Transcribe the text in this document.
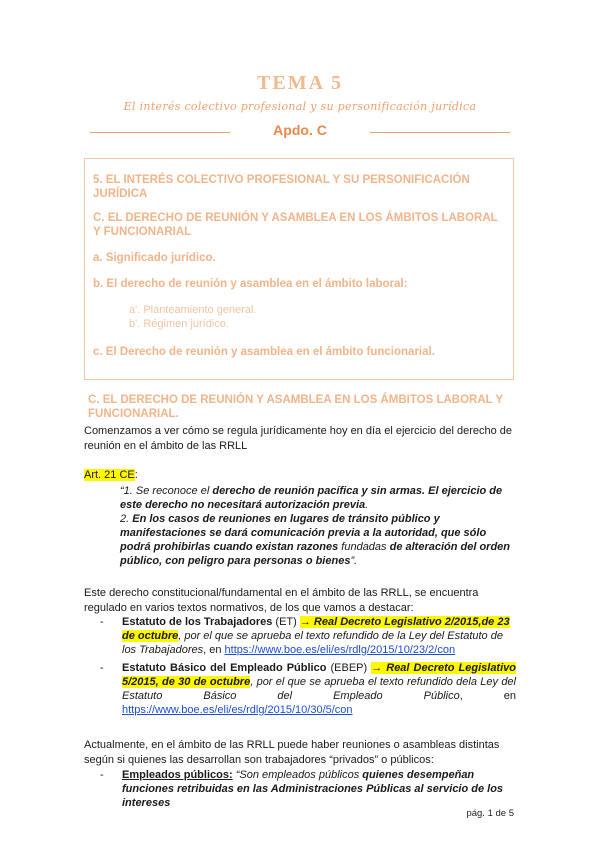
TEMA 5
El interés colectivo profesional y su personificación jurídica
Apdo. C

5. EL INTERÉS COLECTIVO PROFESIONAL Y SU PERSONIFICACIÓN JURÍDICA

C. EL DERECHO DE REUNIÓN Y ASAMBLEA EN LOS ÁMBITOS LABORAL Y FUNCIONARIAL

a. Significado jurídico.

b. El derecho de reunión y asamblea en el ámbito laboral:

a'. Planteamiento general.

b'. Régimen jurídico.

c. El Derecho de reunión y asamblea en el ámbito funcionarial.

C. EL DERECHO DE REUNIÓN Y ASAMBLEA EN LOS ÁMBITOS LABORAL Y FUNCIONARIAL.
Comenzamos a ver cómo se regula jurídicamente hoy en día el ejercicio del derecho de reunión en el ámbito de las RRLL
Art. 21 CE:
“1. Se reconoce el derecho de reunión pacífica y sin armas. El ejercicio de este derecho no necesitará autorización previa.
2. En los casos de reuniones en lugares de tránsito público y manifestaciones se dará comunicación previa a la autoridad, que sólo podrá prohibirlas cuando existan razones fundadas de alteración del orden público, con peligro para personas o bienes”.
Este derecho constitucional/fundamental en el ámbito de las RRLL, se encuentra regulado en varios textos normativos, de los que vamos a destacar:
- Estatuto de los Trabajadores (ET) → Real Decreto Legislativo 2/2015,de 23 de octubre, por el que se aprueba el texto refundido de la Ley del Estatuto de los Trabajadores, en https://www.boe.es/eli/es/rdlg/2015/10/23/2/con
- Estatuto Básico del Empleado Público (EBEP) → Real Decreto Legislativo 5/2015, de 30 de octubre, por el que se aprueba el texto refundido dela Ley del Estatuto Básico del Empleado Público, en https://www.boe.es/eli/es/rdlg/2015/10/30/5/con
Actualmente, en el ámbito de las RRLL puede haber reuniones o asambleas distintas según si quienes las desarrollan son trabajadores “privados” o públicos:
- Empleados públicos: “Son empleados públicos quienes desempeñan funciones retribuidas en las Administraciones Públicas al servicio de los intereses
pág. 1 de 5
